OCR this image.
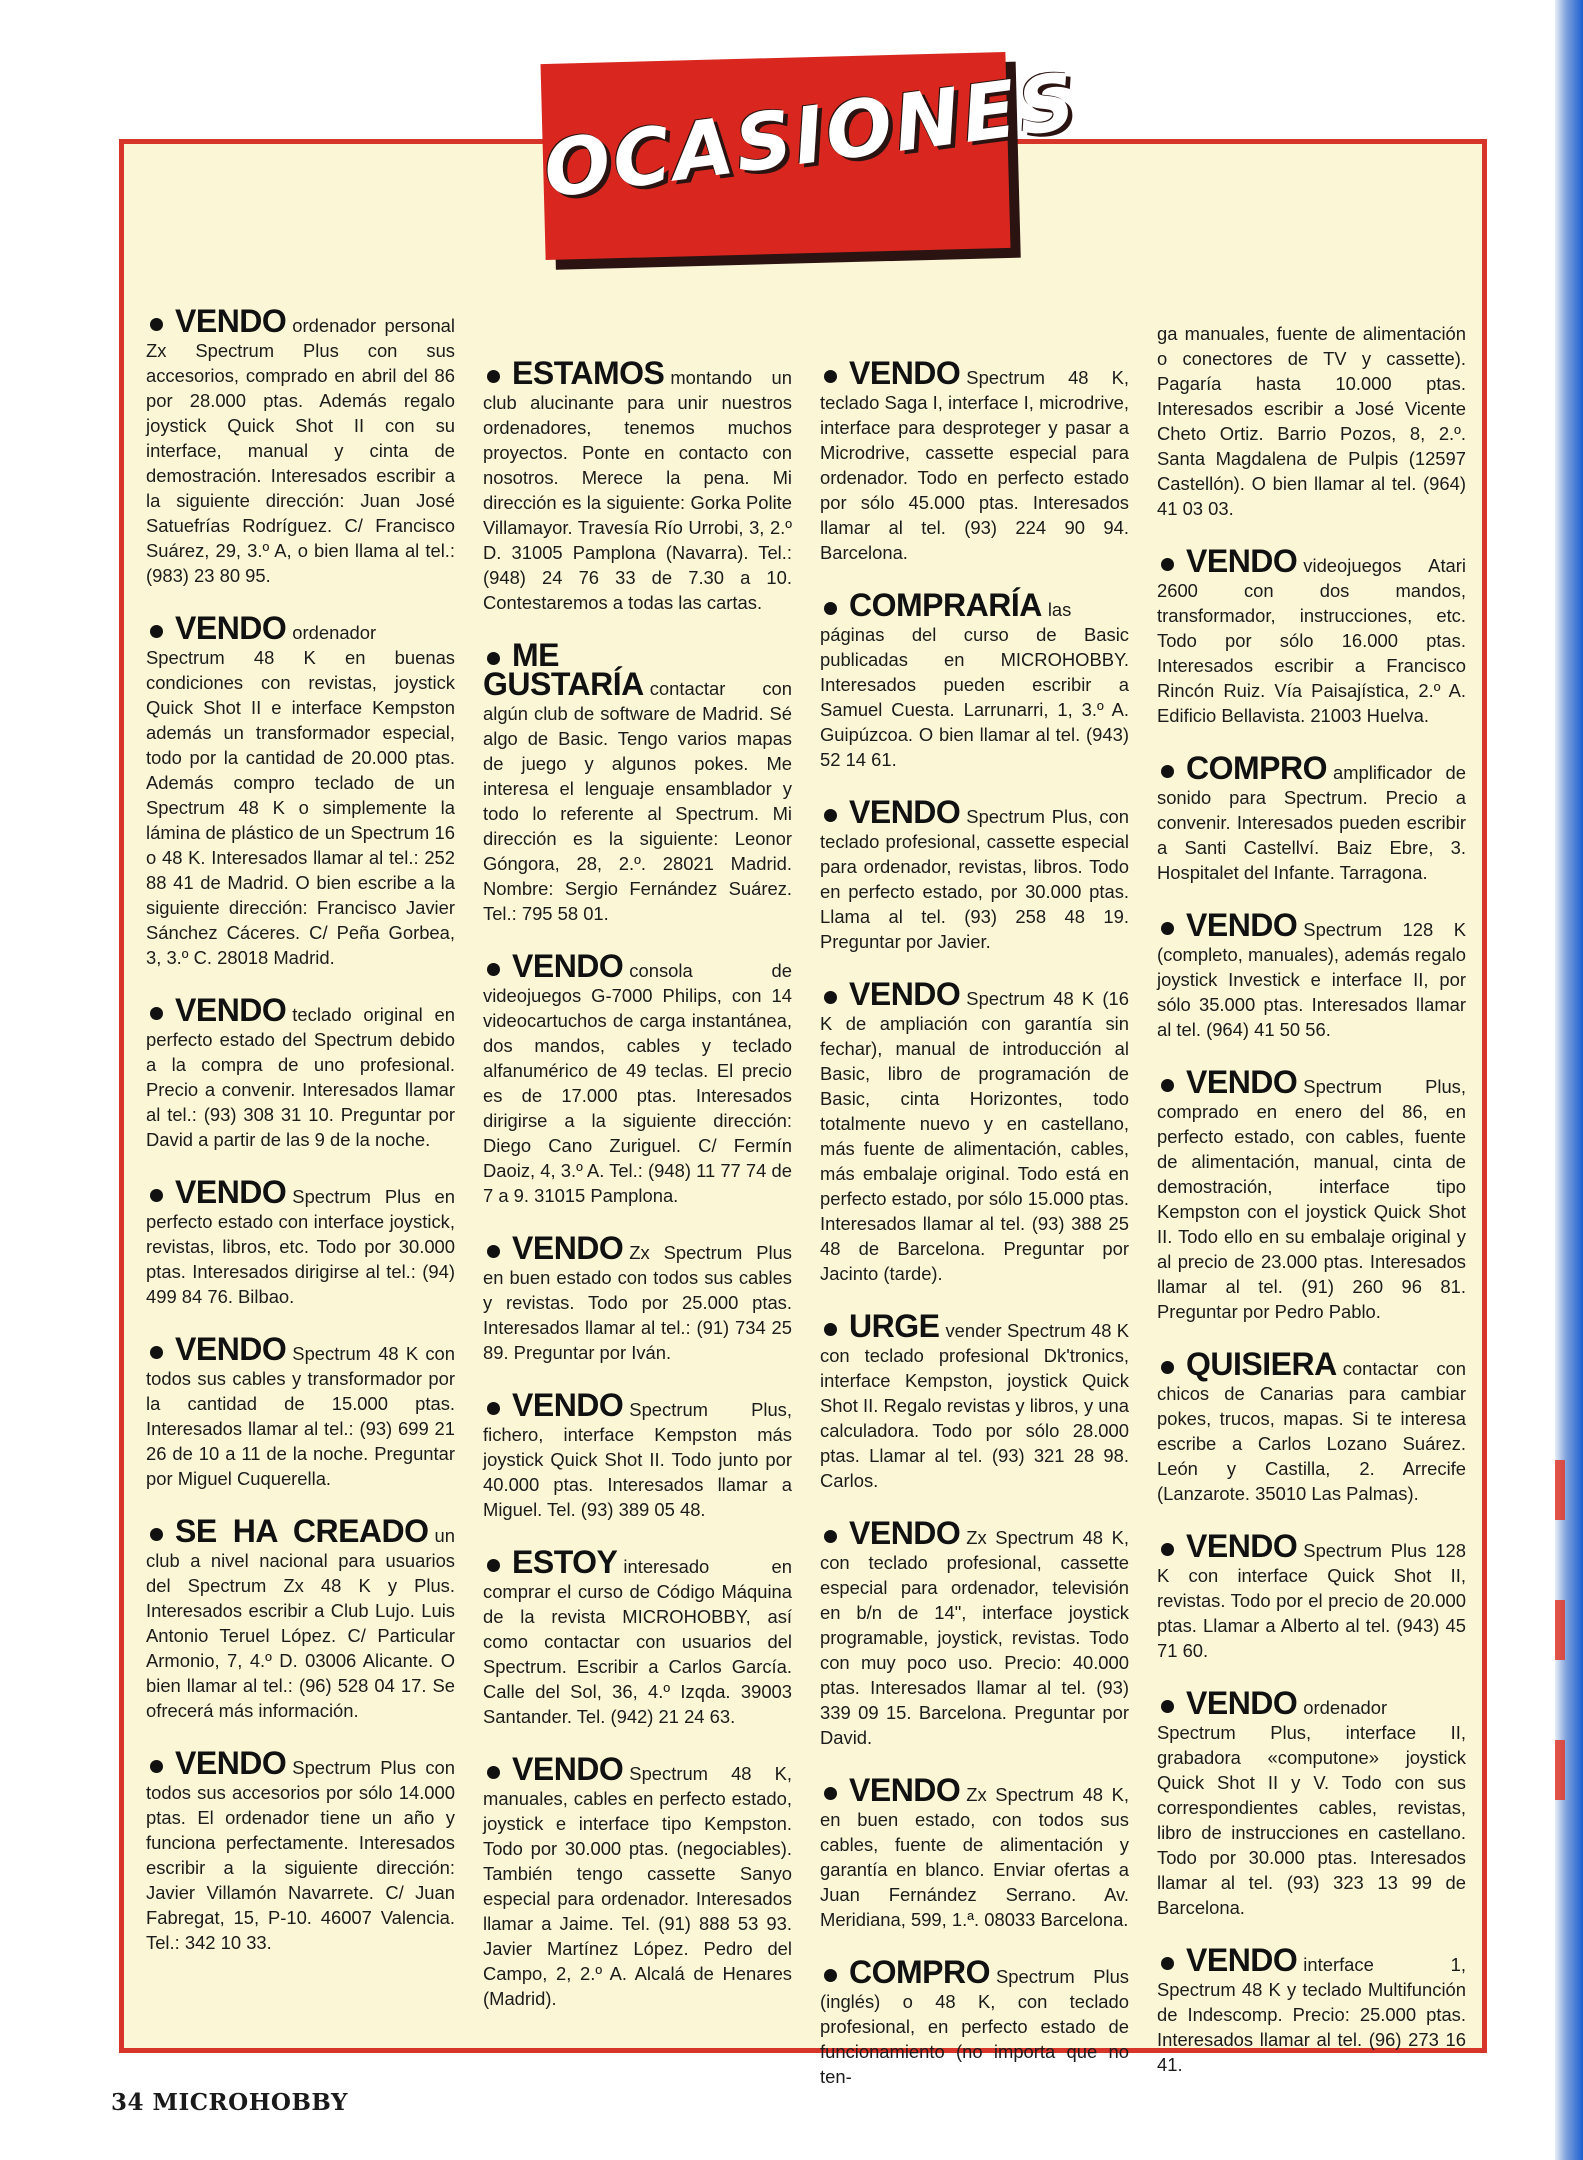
OCASIONES

VENDO ordenador personal Zx Spectrum Plus con sus accesorios, comprado en abril del 86 por 28.000 ptas. Además regalo joystick Quick Shot II con su interface, manual y cinta de demostración. Interesados escribir a la siguiente dirección: Juan José Satuefrías Rodríguez. C/ Francisco Suárez, 29, 3.º A, o bien llama al tel.: (983) 23 80 95.

VENDO ordenador Spectrum 48 K en buenas condiciones con revistas, joystick Quick Shot II e interface Kempston además un transformador especial, todo por la cantidad de 20.000 ptas. Además compro teclado de un Spectrum 48 K o simplemente la lámina de plástico de un Spectrum 16 o 48 K. Interesados llamar al tel.: 252 88 41 de Madrid. O bien escribe a la siguiente dirección: Francisco Javier Sánchez Cáceres. C/ Peña Gorbea, 3, 3.º C. 28018 Madrid.

VENDO teclado original en perfecto estado del Spectrum debido a la compra de uno profesional. Precio a convenir. Interesados llamar al tel.: (93) 308 31 10. Preguntar por David a partir de las 9 de la noche.

VENDO Spectrum Plus en perfecto estado con interface joystick, revistas, libros, etc. Todo por 30.000 ptas. Interesados dirigirse al tel.: (94) 499 84 76. Bilbao.

VENDO Spectrum 48 K con todos sus cables y transformador por la cantidad de 15.000 ptas. Interesados llamar al tel.: (93) 699 21 26 de 10 a 11 de la noche. Preguntar por Miguel Cuquerella.

SE HA CREADO un club a nivel nacional para usuarios del Spectrum Zx 48 K y Plus. Interesados escribir a Club Lujo. Luis Antonio Teruel López. C/ Particular Armonio, 7, 4.º D. 03006 Alicante. O bien llamar al tel.: (96) 528 04 17. Se ofrecerá más información.

VENDO Spectrum Plus con todos sus accesorios por sólo 14.000 ptas. El ordenador tiene un año y funciona perfectamente. Interesados escribir a la siguiente dirección: Javier Villamón Navarrete. C/ Juan Fabregat, 15, P-10. 46007 Valencia. Tel.: 342 10 33.

ESTAMOS montando un club alucinante para unir nuestros ordenadores, tenemos muchos proyectos. Ponte en contacto con nosotros. Merece la pena. Mi dirección es la siguiente: Gorka Polite Villamayor. Travesía Río Urrobi, 3, 2.º D. 31005 Pamplona (Navarra). Tel.: (948) 24 76 33 de 7.30 a 10. Contestaremos a todas las cartas.

ME GUSTARÍA contactar con algún club de software de Madrid. Sé algo de Basic. Tengo varios mapas de juego y algunos pokes. Me interesa el lenguaje ensamblador y todo lo referente al Spectrum. Mi dirección es la siguiente: Leonor Góngora, 28, 2.º. 28021 Madrid. Nombre: Sergio Fernández Suárez. Tel.: 795 58 01.

VENDO consola de videojuegos G-7000 Philips, con 14 videocartuchos de carga instantánea, dos mandos, cables y teclado alfanumérico de 49 teclas. El precio es de 17.000 ptas. Interesados dirigirse a la siguiente dirección: Diego Cano Zuriguel. C/ Fermín Daoiz, 4, 3.º A. Tel.: (948) 11 77 74 de 7 a 9. 31015 Pamplona.

VENDO Zx Spectrum Plus en buen estado con todos sus cables y revistas. Todo por 25.000 ptas. Interesados llamar al tel.: (91) 734 25 89. Preguntar por Iván.

VENDO Spectrum Plus, fichero, interface Kempston más joystick Quick Shot II. Todo junto por 40.000 ptas. Interesados llamar a Miguel. Tel. (93) 389 05 48.

ESTOY interesado en comprar el curso de Código Máquina de la revista MICROHOBBY, así como contactar con usuarios del Spectrum. Escribir a Carlos García. Calle del Sol, 36, 4.º Izqda. 39003 Santander. Tel. (942) 21 24 63.

VENDO Spectrum 48 K, manuales, cables en perfecto estado, joystick e interface tipo Kempston. Todo por 30.000 ptas. (negociables). También tengo cassette Sanyo especial para ordenador. Interesados llamar a Jaime. Tel. (91) 888 53 93. Javier Martínez López. Pedro del Campo, 2, 2.º A. Alcalá de Henares (Madrid).

VENDO Spectrum 48 K, teclado Saga I, interface I, microdrive, interface para desproteger y pasar a Microdrive, cassette especial para ordenador. Todo en perfecto estado por sólo 45.000 ptas. Interesados llamar al tel. (93) 224 90 94. Barcelona.

COMPRARÍA las páginas del curso de Basic publicadas en MICROHOBBY. Interesados pueden escribir a Samuel Cuesta. Larrunarri, 1, 3.º A. Guipúzcoa. O bien llamar al tel. (943) 52 14 61.

VENDO Spectrum Plus, con teclado profesional, cassette especial para ordenador, revistas, libros. Todo en perfecto estado, por 30.000 ptas. Llama al tel. (93) 258 48 19. Preguntar por Javier.

VENDO Spectrum 48 K (16 K de ampliación con garantía sin fechar), manual de introducción al Basic, libro de programación de Basic, cinta Horizontes, todo totalmente nuevo y en castellano, más fuente de alimentación, cables, más embalaje original. Todo está en perfecto estado, por sólo 15.000 ptas. Interesados llamar al tel. (93) 388 25 48 de Barcelona. Preguntar por Jacinto (tarde).

URGE vender Spectrum 48 K con teclado profesional Dk'tronics, interface Kempston, joystick Quick Shot II. Regalo revistas y libros, y una calculadora. Todo por sólo 28.000 ptas. Llamar al tel. (93) 321 28 98. Carlos.

VENDO Zx Spectrum 48 K, con teclado profesional, cassette especial para ordenador, televisión en b/n de 14", interface joystick programable, joystick, revistas. Todo con muy poco uso. Precio: 40.000 ptas. Interesados llamar al tel. (93) 339 09 15. Barcelona. Preguntar por David.

VENDO Zx Spectrum 48 K, en buen estado, con todos sus cables, fuente de alimentación y garantía en blanco. Enviar ofertas a Juan Fernández Serrano. Av. Meridiana, 599, 1.ª. 08033 Barcelona.

COMPRO Spectrum Plus (inglés) o 48 K, con teclado profesional, en perfecto estado de funcionamiento (no importa que no ten-

ga manuales, fuente de alimentación o conectores de TV y cassette). Pagaría hasta 10.000 ptas. Interesados escribir a José Vicente Cheto Ortiz. Barrio Pozos, 8, 2.º. Santa Magdalena de Pulpis (12597 Castellón). O bien llamar al tel. (964) 41 03 03.

VENDO videojuegos Atari 2600 con dos mandos, transformador, instrucciones, etc. Todo por sólo 16.000 ptas. Interesados escribir a Francisco Rincón Ruiz. Vía Paisajística, 2.º A. Edificio Bellavista. 21003 Huelva.

COMPRO amplificador de sonido para Spectrum. Precio a convenir. Interesados pueden escribir a Santi Castellví. Baiz Ebre, 3. Hospitalet del Infante. Tarragona.

VENDO Spectrum 128 K (completo, manuales), además regalo joystick Investick e interface II, por sólo 35.000 ptas. Interesados llamar al tel. (964) 41 50 56.

VENDO Spectrum Plus, comprado en enero del 86, en perfecto estado, con cables, fuente de alimentación, manual, cinta de demostración, interface tipo Kempston con el joystick Quick Shot II. Todo ello en su embalaje original y al precio de 23.000 ptas. Interesados llamar al tel. (91) 260 96 81. Preguntar por Pedro Pablo.

QUISIERA contactar con chicos de Canarias para cambiar pokes, trucos, mapas. Si te interesa escribe a Carlos Lozano Suárez. León y Castilla, 2. Arrecife (Lanzarote. 35010 Las Palmas).

VENDO Spectrum Plus 128 K con interface Quick Shot II, revistas. Todo por el precio de 20.000 ptas. Llamar a Alberto al tel. (943) 45 71 60.

VENDO ordenador Spectrum Plus, interface II, grabadora «computone» joystick Quick Shot II y V. Todo con sus correspondientes cables, revistas, libro de instrucciones en castellano. Todo por 30.000 ptas. Interesados llamar al tel. (93) 323 13 99 de Barcelona.

VENDO interface 1, Spectrum 48 K y teclado Multifunción de Indescomp. Precio: 25.000 ptas. Interesados llamar al tel. (96) 273 16 41.

34 MICROHOBBY
